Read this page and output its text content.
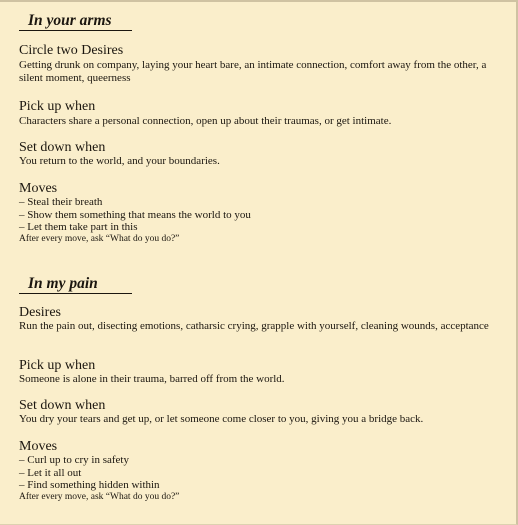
In your arms
Circle two Desires
Getting drunk on company, laying your heart bare, an intimate connection, comfort away from the other, a silent moment, queerness
Pick up when
Characters share a personal connection, open up about their traumas, or get intimate.
Set down when
You return to the world, and your boundaries.
Moves
– Steal their breath
– Show them something that means the world to you
– Let them take part in this
After every move, ask “What do you do?”
In my pain
Desires
Run the pain out, disecting emotions, catharsic crying, grapple with yourself, cleaning wounds, acceptance
Pick up when
Someone is alone in their trauma, barred off from the world.
Set down when
You dry your tears and get up, or let someone come closer to you, giving you a bridge back.
Moves
– Curl up to cry in safety
– Let it all out
– Find something hidden within
After every move, ask “What do you do?”
